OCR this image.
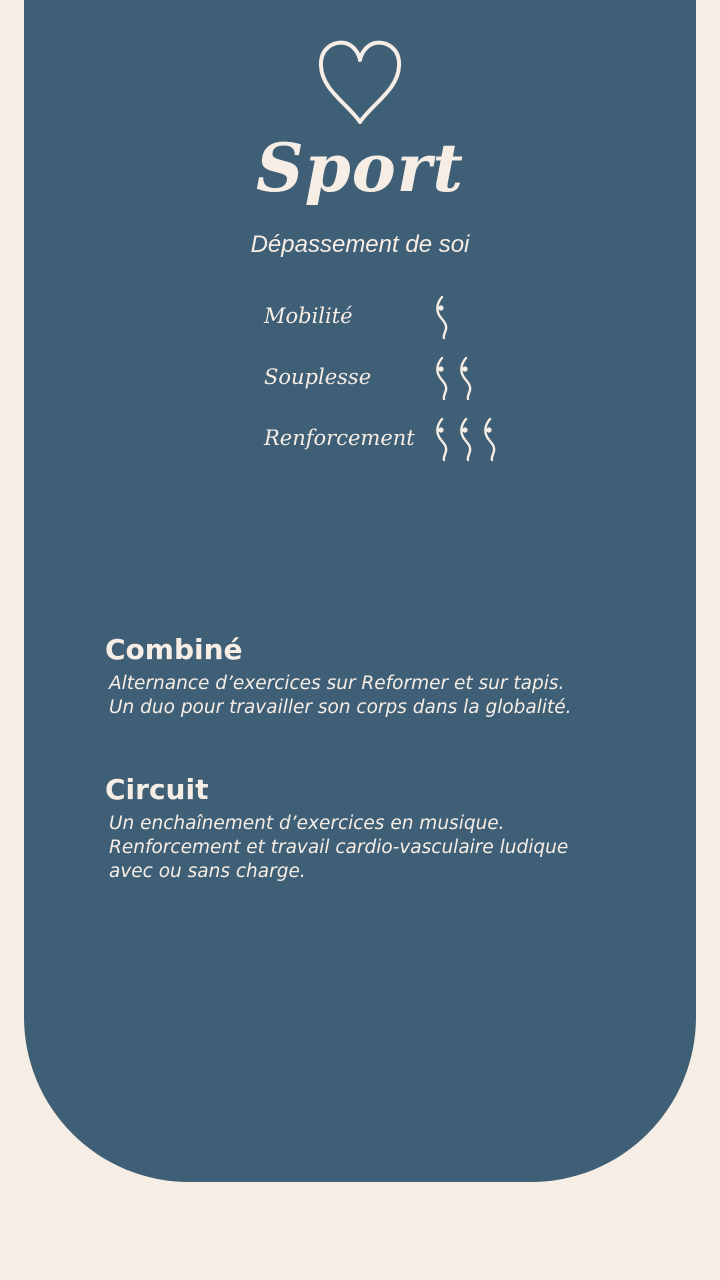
Sport
Dépassement de soi
Mobilité
Souplesse
Renforcement
Combiné
Alternance d’exercices sur Reformer et sur tapis.
Un duo pour travailler son corps dans la globalité.
Circuit
Un enchaînement d’exercices en musique.
Renforcement et travail cardio-vasculaire ludique
avec ou sans charge.
